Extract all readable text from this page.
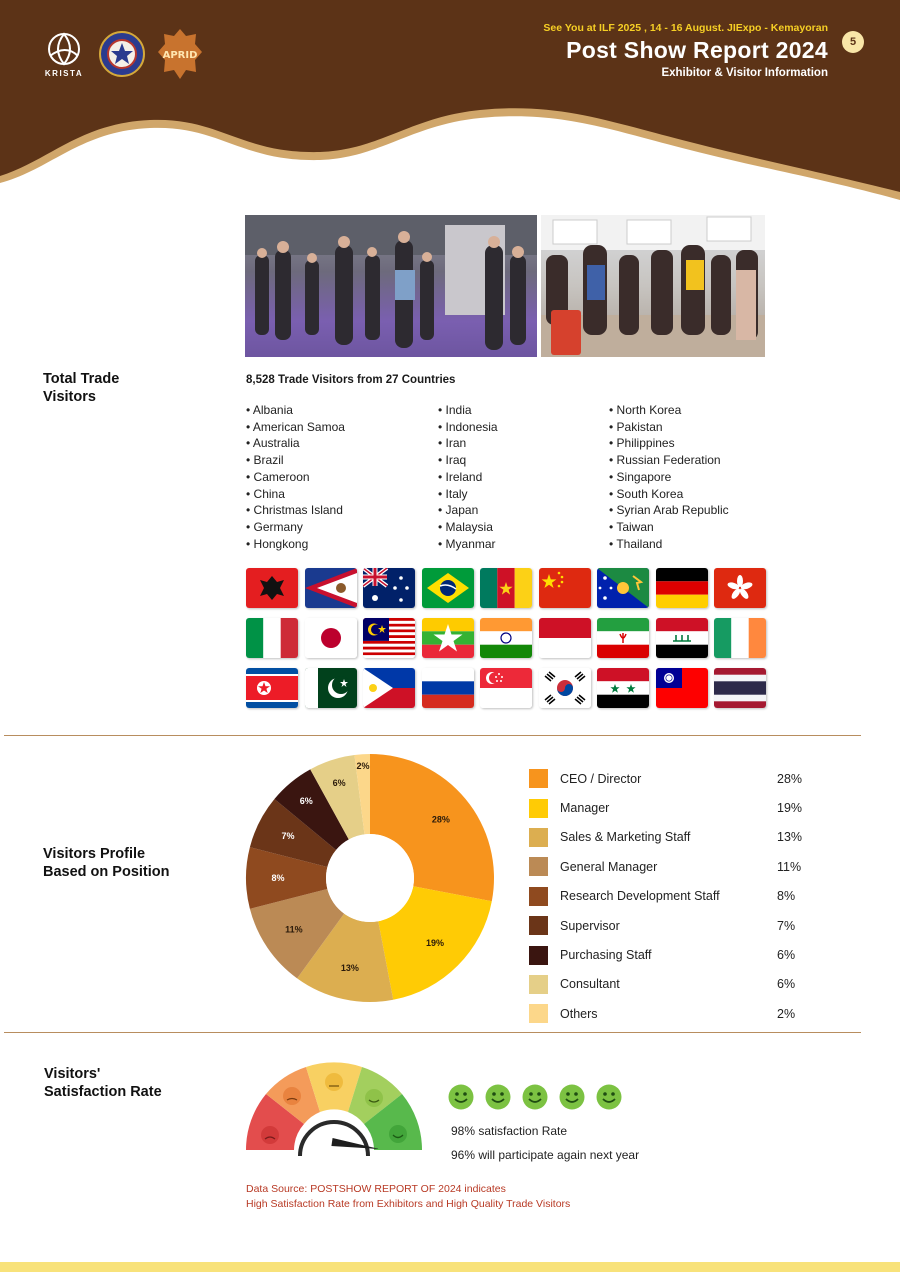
KRISTA
APRID
See You at ILF 2025 , 14 - 16 August. JIExpo - Kemayoran
Post Show Report 2024
Exhibitor & Visitor Information
5
Total Trade
Visitors
8,528 Trade Visitors from 27 Countries
• Albania
• American Samoa
• Australia
• Brazil
• Cameroon
• China
• Christmas Island
• Germany
• Hongkong
• India
• Indonesia
• Iran
• Iraq
• Ireland
• Italy
• Japan
• Malaysia
• Myanmar
• North Korea
• Pakistan
• Philippines
• Russian Federation
• Singapore
• South Korea
• Syrian Arab Republic
• Taiwan
• Thailand
Visitors Profile
Based on Position
28%
19%
13%
11%
8%
7%
6%
6%
2%
CEO / Director	28%
Manager	19%
Sales & Marketing Staff	13%
General Manager	11%
Research Development Staff	8%
Supervisor	7%
Purchasing Staff	6%
Consultant	6%
Others	2%
Visitors'
Satisfaction Rate
98% satisfaction Rate
96% will participate again next year
Data Source: POSTSHOW REPORT OF 2024 indicates
High Satisfaction Rate from Exhibitors and High Quality Trade Visitors
